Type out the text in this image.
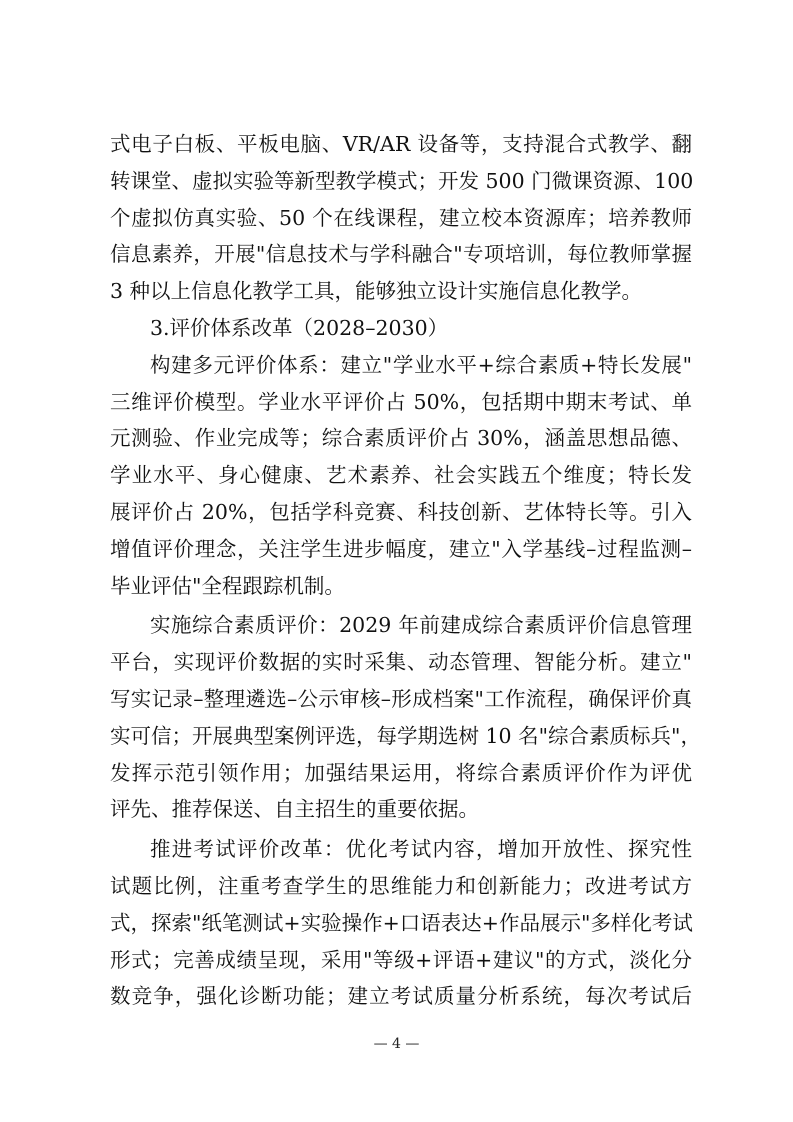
式电子白板、平板电脑、VR/AR 设备等，支持混合式教学、翻
转课堂、虚拟实验等新型教学模式；开发 500 门微课资源、100
个虚拟仿真实验、50 个在线课程，建立校本资源库；培养教师
信息素养，开展"信息技术与学科融合"专项培训，每位教师掌握
3 种以上信息化教学工具，能够独立设计实施信息化教学。
3.评价体系改革（2028–2030）
构建多元评价体系：建立"学业水平+综合素质+特长发展"
三维评价模型。学业水平评价占 50%，包括期中期末考试、单
元测验、作业完成等；综合素质评价占 30%，涵盖思想品德、
学业水平、身心健康、艺术素养、社会实践五个维度；特长发
展评价占 20%，包括学科竞赛、科技创新、艺体特长等。引入
增值评价理念，关注学生进步幅度，建立"入学基线–过程监测–
毕业评估"全程跟踪机制。
实施综合素质评价：2029 年前建成综合素质评价信息管理
平台，实现评价数据的实时采集、动态管理、智能分析。建立"
写实记录–整理遴选–公示审核–形成档案"工作流程，确保评价真
实可信；开展典型案例评选，每学期选树 10 名"综合素质标兵"，
发挥示范引领作用；加强结果运用，将综合素质评价作为评优
评先、推荐保送、自主招生的重要依据。
推进考试评价改革：优化考试内容，增加开放性、探究性
试题比例，注重考查学生的思维能力和创新能力；改进考试方
式，探索"纸笔测试+实验操作+口语表达+作品展示"多样化考试
形式；完善成绩呈现，采用"等级+评语+建议"的方式，淡化分
数竞争，强化诊断功能；建立考试质量分析系统，每次考试后
— 4 —
